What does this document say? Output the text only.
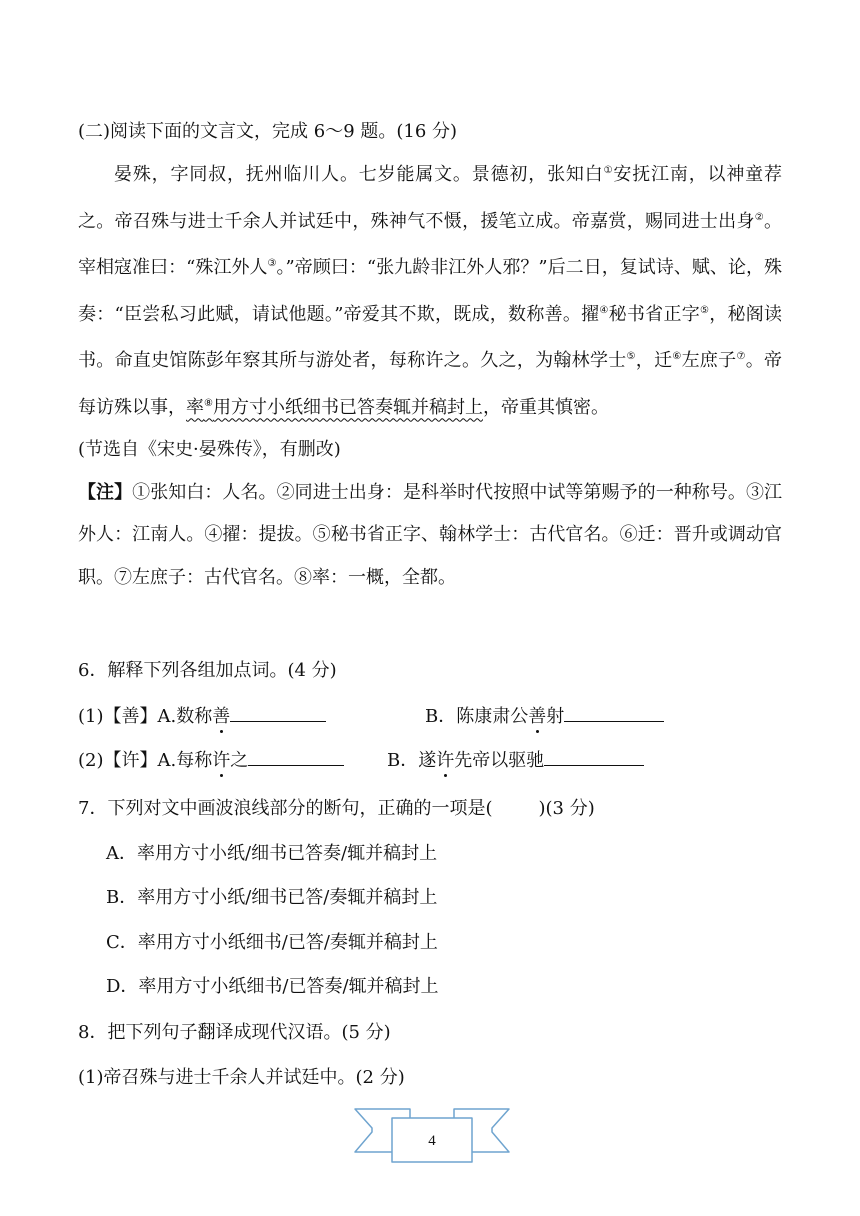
(二)阅读下面的文言文，完成 6～9 题。(16 分)

晏殊，字同叔，抚州临川人。七岁能属文。景德初，张知白①安抚江南，以神童荐之。帝召殊与进士千余人并试廷中，殊神气不慑，援笔立成。帝嘉赏，赐同进士出身②。宰相寇准曰：“殊江外人③。”帝顾曰：“张九龄非江外人邪？”后二日，复试诗、赋、论，殊奏：“臣尝私习此赋，请试他题。”帝爱其不欺，既成，数称善。擢④秘书省正字⑤，秘阁读书。命直史馆陈彭年察其所与游处者，每称许之。久之，为翰林学士⑤，迁⑥左庶子⑦。帝每访殊以事，率⑧用方寸小纸细书已答奏辄并稿封上，帝重其慎密。

(节选自《宋史·晏殊传》，有删改)

【注】①张知白：人名。②同进士出身：是科举时代按照中试等第赐予的一种称号。③江外人：江南人。④擢：提拔。⑤秘书省正字、翰林学士：古代官名。⑥迁：晋升或调动官职。⑦左庶子：古代官名。⑧率：一概，全都。

6．解释下列各组加点词。(4 分)
(1)【善】A.数称善	B．陈康肃公善射
(2)【许】A.每称许之	B．遂许先帝以驱驰
7．下列对文中画波浪线部分的断句，正确的一项是(	)(3 分)
A．率用方寸小纸/细书已答奏/辄并稿封上
B．率用方寸小纸/细书已答/奏辄并稿封上
C．率用方寸小纸细书/已答/奏辄并稿封上
D．率用方寸小纸细书/已答奏/辄并稿封上
8．把下列句子翻译成现代汉语。(5 分)
(1)帝召殊与进士千余人并试廷中。(2 分)
4
